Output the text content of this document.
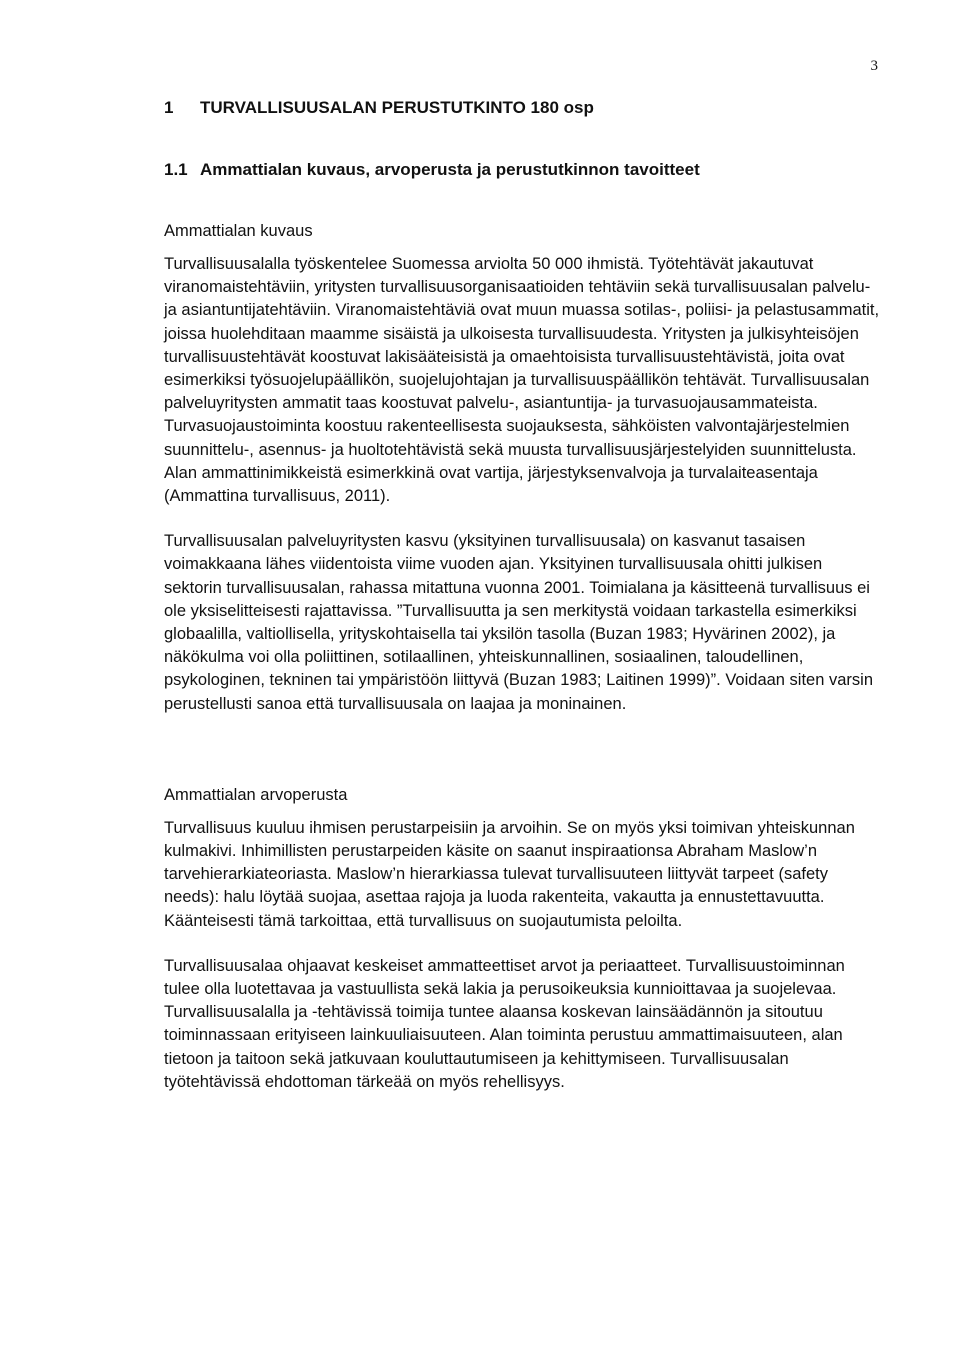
3
1 TURVALLISUUSALAN PERUSTUTKINTO 180 osp
1.1 Ammattialan kuvaus, arvoperusta ja perustutkinnon tavoitteet
Ammattialan kuvaus

Turvallisuusalalla työskentelee Suomessa arviolta 50 000 ihmistä. Työtehtävät jakautuvat viranomaistehtäviin, yritysten turvallisuusorganisaatioiden tehtäviin sekä turvallisuusalan palvelu- ja asiantuntijatehtäviin. Viranomaistehtäviä ovat muun muassa sotilas-, poliisi- ja pelastusammatit, joissa huolehditaan maamme sisäistä ja ulkoisesta turvallisuudesta. Yritysten ja julkisyhteisöjen turvallisuustehtävät koostuvat lakisääteisistä ja omaehtoisista turvallisuustehtävistä, joita ovat esimerkiksi työsuojelupäällikön, suojelujohtajan ja turvallisuuspäällikön tehtävät. Turvallisuusalan palveluyritysten ammatit taas koostuvat palvelu-, asiantuntija- ja turvasuojausammateista. Turvasuojaustoiminta koostuu rakenteellisesta suojauksesta, sähköisten valvontajärjestelmien suunnittelu-, asennus- ja huoltotehtävistä sekä muusta turvallisuusjärjestelyiden suunnittelusta. Alan ammattinimikkeistä esimerkkinä ovat vartija, järjestyksenvalvoja ja turvalaiteasentaja (Ammattina turvallisuus, 2011).

Turvallisuusalan palveluyritysten kasvu (yksityinen turvallisuusala) on kasvanut tasaisen voimakkaana lähes viidentoista viime vuoden ajan. Yksityinen turvallisuusala ohitti julkisen sektorin turvallisuusalan, rahassa mitattuna vuonna 2001. Toimialana ja käsitteenä turvallisuus ei ole yksiselitteisesti rajattavissa. ”Turvallisuutta ja sen merkitystä voidaan tarkastella esimerkiksi globaalilla, valtiollisella, yrityskohtaisella tai yksilön tasolla (Buzan 1983; Hyvärinen 2002), ja näkökulma voi olla poliittinen, sotilaallinen, yhteiskunnallinen, sosiaalinen, taloudellinen, psykologinen, tekninen tai ympäristöön liittyvä (Buzan 1983; Laitinen 1999)”. Voidaan siten varsin perustellusti sanoa että turvallisuusala on laajaa ja moninainen.

Ammattialan arvoperusta

Turvallisuus kuuluu ihmisen perustarpeisiin ja arvoihin. Se on myös yksi toimivan yhteiskunnan kulmakivi. Inhimillisten perustarpeiden käsite on saanut inspiraationsa Abraham Maslow’n tarvehierarkiateoriasta. Maslow’n hierarkiassa tulevat turvallisuuteen liittyvät tarpeet (safety needs): halu löytää suojaa, asettaa rajoja ja luoda rakenteita, vakautta ja ennustettavuutta. Käänteisesti tämä tarkoittaa, että turvallisuus on suojautumista peloilta.

Turvallisuusalaa ohjaavat keskeiset ammatteettiset arvot ja periaatteet. Turvallisuustoiminnan tulee olla luotettavaa ja vastuullista sekä lakia ja perusoikeuksia kunnioittavaa ja suojelevaa. Turvallisuusalalla ja -tehtävissä toimija tuntee alaansa koskevan lainsäädännön ja sitoutuu toiminnassaan erityiseen lainkuuliaisuuteen. Alan toiminta perustuu ammattimaisuuteen, alan tietoon ja taitoon sekä jatkuvaan kouluttautumiseen ja kehittymiseen. Turvallisuusalan työtehtävissä ehdottoman tärkeää on myös rehellisyys.
